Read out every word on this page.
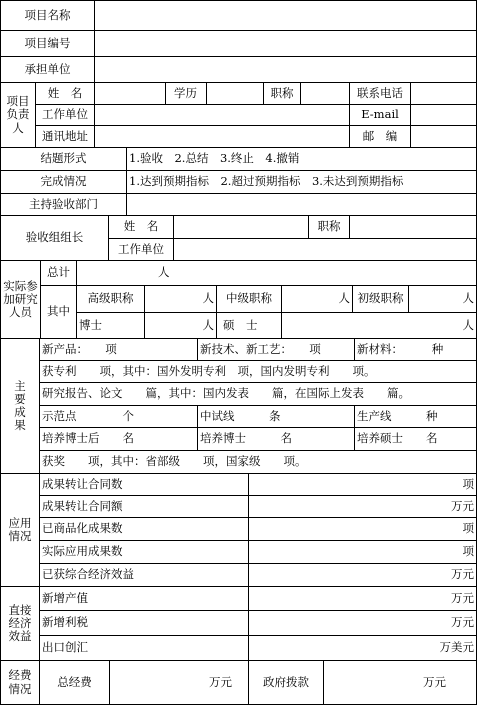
项目名称
项目编号
承担单位
项目负责人
姓　名	学历	职称	联系电话
工作单位	E-mail
通讯地址	邮　编
结题形式	1.验收　2.总结　3.终止　4.撤销
完成情况	1.达到预期指标　2.超过预期指标　3.未达到预期指标
主持验收部门
验收组组长
姓　名	职称
工作单位
实际参加研究人员
总计	人
其中
高级职称	人	中级职称	人 初级职称	人
博士	人 硕　士	人
主要成果
新产品：　　项	新技术、新工艺：　　项	新材料：　　　种
获专利　　项，其中：国外发明专利　项，国内发明专利　　项。
研究报告、论文　　篇，其中：国内发表　　篇，在国际上发表　　篇。
示范点　　　　个	中试线　　　条	生产线　　　种
培养博士后　　名	培养博士　　　名	培养硕士　　名
获奖　　项，其中：省部级　　项，国家级　　项。
应用情况
成果转让合同数	项
成果转让合同额	万元
已商品化成果数	项
实际应用成果数	项
已获综合经济效益	万元
直接经济效益
新增产值	万元
新增利税	万元
出口创汇	万美元
经费情况	总经费	万元	政府拨款	万元
